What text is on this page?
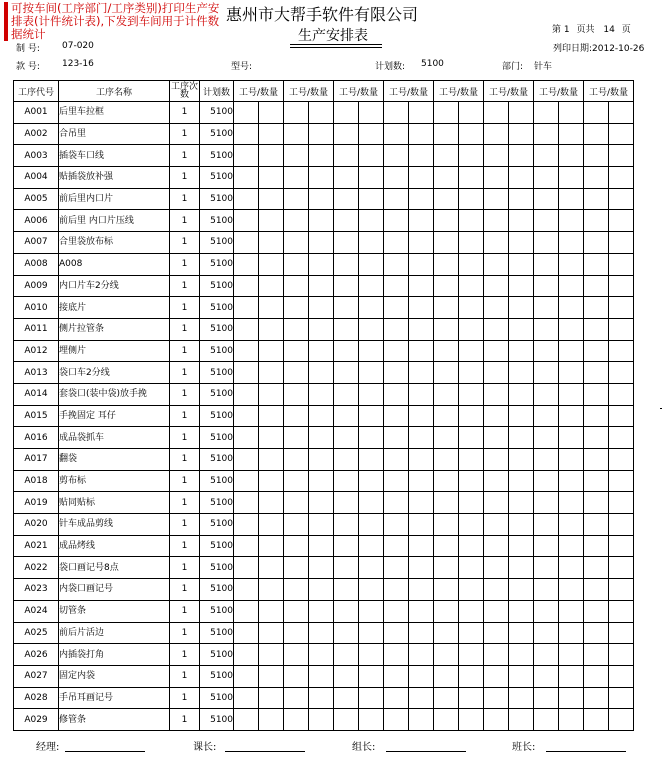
可按车间(工序部门/工序类别)打印生产安排表(计件统计表),下发到车间用于计件数据统计
惠州市大帮手软件有限公司
生产安排表	第 1 页共 14 页
列印日期:2012-10-26
制 号: 07-020
款 号: 123-16	型号:	计划数: 5100	部门: 针车
工序代号	工序名称	工序次数	计划数	工号/数量		工号/数量		工号/数量		工号/数量		工号/数量		工号/数量		工号/数量		工号/数量	
A001	后里车拉框	1	5100																
A002	合吊里	1	5100																
A003	插袋车口线	1	5100																
A004	贴插袋放补强	1	5100																
A005	前后里内口片	1	5100																
A006	前后里 内口片压线	1	5100																
A007	合里袋放布标	1	5100																
A008	A008	1	5100																
A009	内口片车2分线	1	5100																
A010	接底片	1	5100																
A011	侧片拉管条	1	5100																
A012	埋侧片	1	5100																
A013	袋口车2分线	1	5100																
A014	套袋口(装中袋)放手挽	1	5100																
A015	手挽固定 耳仔	1	5100																
A016	成品袋抓车	1	5100																
A017	翻袋	1	5100																
A018	剪布标	1	5100																
A019	贴同贴标	1	5100																
A020	针车成品剪线	1	5100																
A021	成品烤线	1	5100																
A022	袋口画记号8点	1	5100																
A023	内袋口画记号	1	5100																
A024	切管条	1	5100																
A025	前后片活边	1	5100																
A026	内插袋打角	1	5100																
A027	固定内袋	1	5100																
A028	手吊耳画记号	1	5100																
A029	修管条	1	5100																
经理:	课长:	组长:	班长:
